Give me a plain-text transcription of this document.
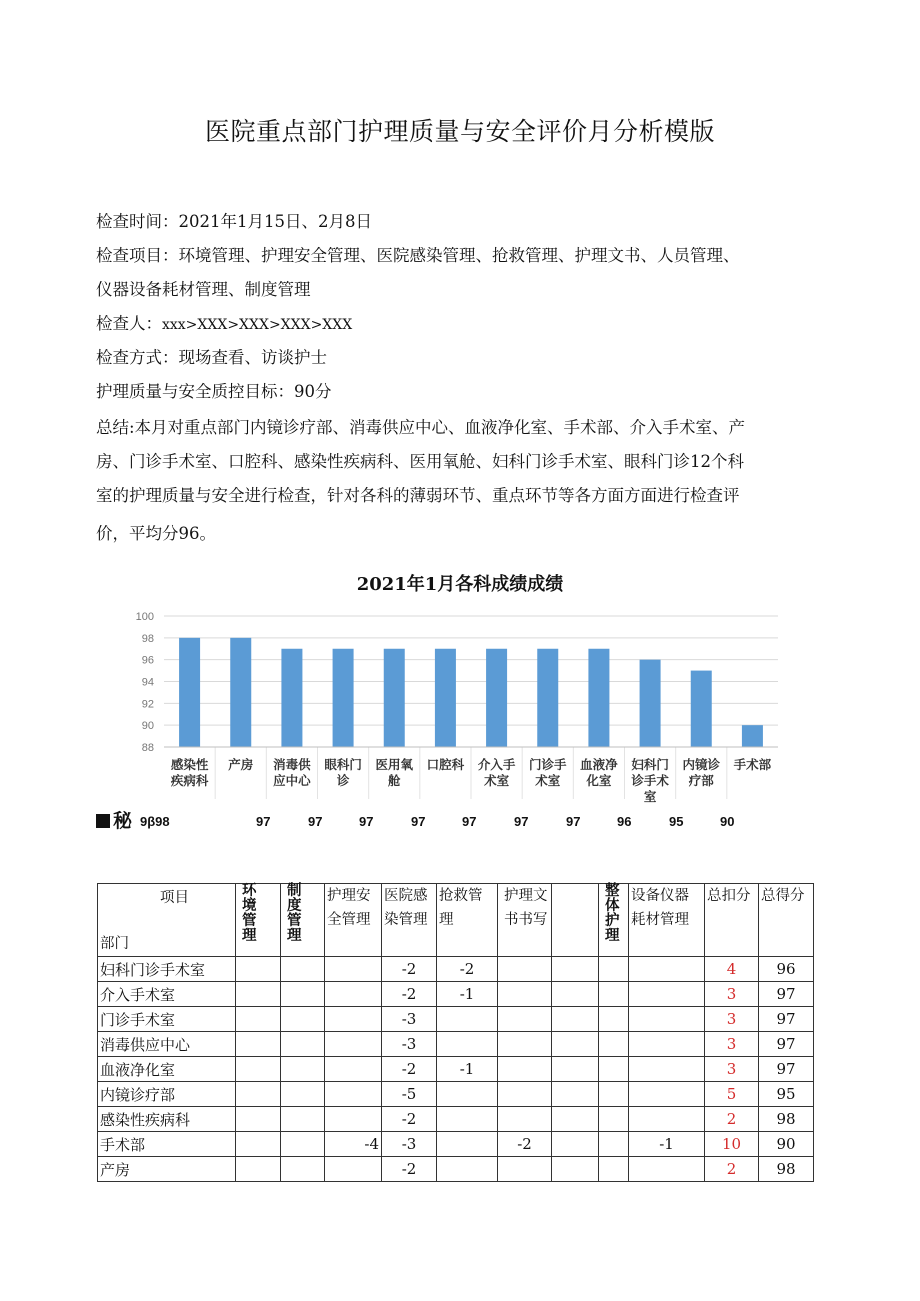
医院重点部门护理质量与安全评价月分析模版
检查时间：2021年1月15日、2月8日
检查项目：环境管理、护理安全管理、医院感染管理、抢救管理、护理文书、人员管理、
仪器设备耗材管理、制度管理
检查人：xxx>XXX>XXX>XXX>XXX
检查方式：现场查看、访谈护士
护理质量与安全质控目标：90分
总结:本月对重点部门内镜诊疗部、消毒供应中心、血液净化室、手术部、介入手术室、产
房、门诊手术室、口腔科、感染性疾病科、医用氧舱、妇科门诊手术室、眼科门诊12个科
室的护理质量与安全进行检查，针对各科的薄弱环节、重点环节等各方面方面进行检查评
价，平均分96。
2021年1月各科成绩成绩
100
98
96
94
92
90
88
感染性疾病科
产房 消毒供应中心
眼科门诊
医用氧舱
口腔科 介入手术室
门诊手术室
血液净化室
妇科门诊手术室
内镜诊疗部
手术部
秘 9β98	97	97	97	97	97	97	97	96	95	90
项目
部门	环境管理	制度管理	护理安全管理	医院感染管理	抢救管理	护理文书书写		整体护理	设备仪器耗材管理	总扣分	总得分
妇科门诊手术室				-2	-2					4	96
介入手术室				-2	-1					3	97
门诊手术室				-3						3	97
消毒供应中心				-3						3	97
血液净化室				-2	-1					3	97
内镜诊疗部				-5						5	95
感染性疾病科				-2						2	98
手术部			-4	-3		-2			-1	10	90
产房				-2						2	98
